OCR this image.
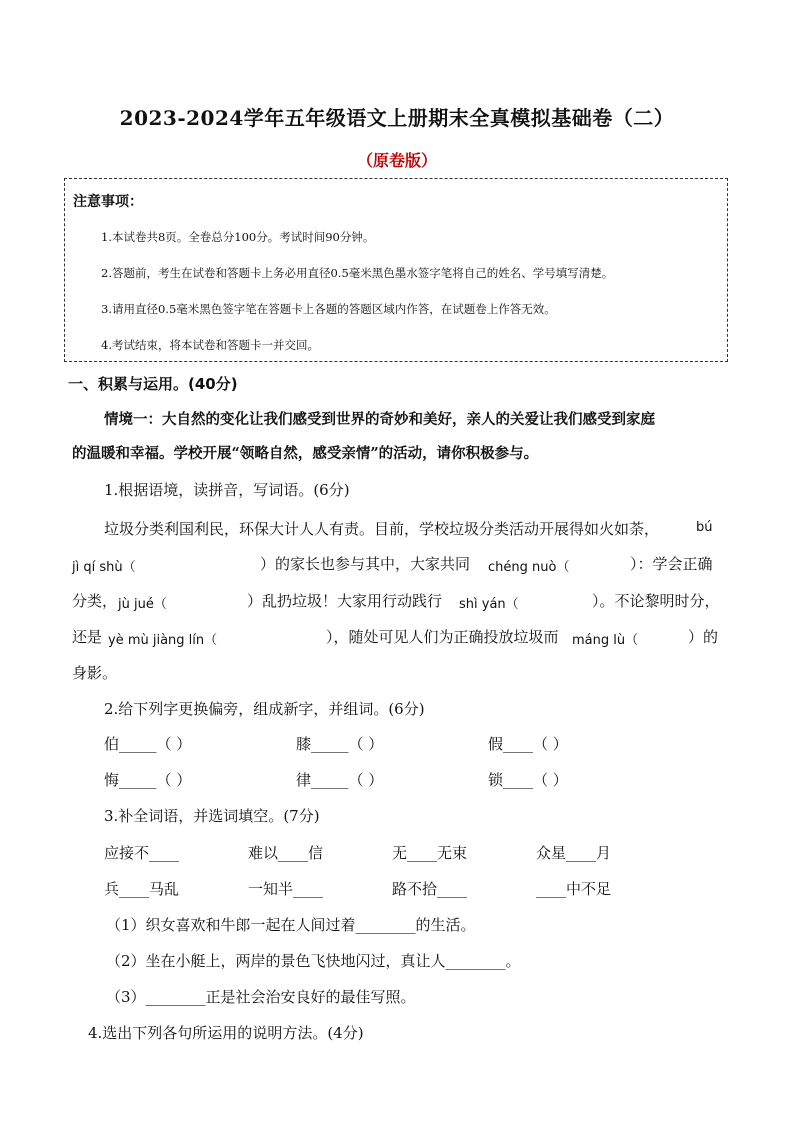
2023-2024学年五年级语文上册期末全真模拟基础卷（二）
（原卷版）
注意事项：
1.本试卷共8页。全卷总分100分。考试时间90分钟。
2.答题前，考生在试卷和答题卡上务必用直径0.5毫米黑色墨水签字笔将自己的姓名、学号填写清楚。
3.请用直径0.5毫米黑色签字笔在答题卡上各题的答题区域内作答，在试题卷上作答无效。
4.考试结束，将本试卷和答题卡一并交回。
一、积累与运用。(40分)
情境一：大自然的变化让我们感受到世界的奇妙和美好，亲人的关爱让我们感受到家庭
的温暖和幸福。学校开展“领略自然，感受亲情”的活动，请你积极参与。
1.根据语境，读拼音，写词语。(6分)
垃圾分类利国利民，环保大计人人有责。目前，学校垃圾分类活动开展得如火如荼，	bú
jì qí shù（	）的家长也参与其中，大家共同 chéng nuò（	）：学会正确
分类， jù jué（	）乱扔垃圾！大家用行动践行 shì yán（	）。不论黎明时分，
还是 yè mù jiàng lín（	），随处可见人们为正确投放垃圾而 máng lù（	）的
身影。
2.给下列字更换偏旁，组成新字，并组词。(6分)
伯_____（ ）	膝_____（ ）	假____（ ）
悔_____（ ）	律_____（ ）	锁____（ ）
3.补全词语，并选词填空。(7分)
应接不____	难以____信	无____无束	众星____月
兵____马乱	一知半____	路不拾____	____中不足
（1）织女喜欢和牛郎一起在人间过着________的生活。
（2）坐在小艇上，两岸的景色飞快地闪过，真让人________。
（3）________正是社会治安良好的最佳写照。
4.选出下列各句所运用的说明方法。(4分)
